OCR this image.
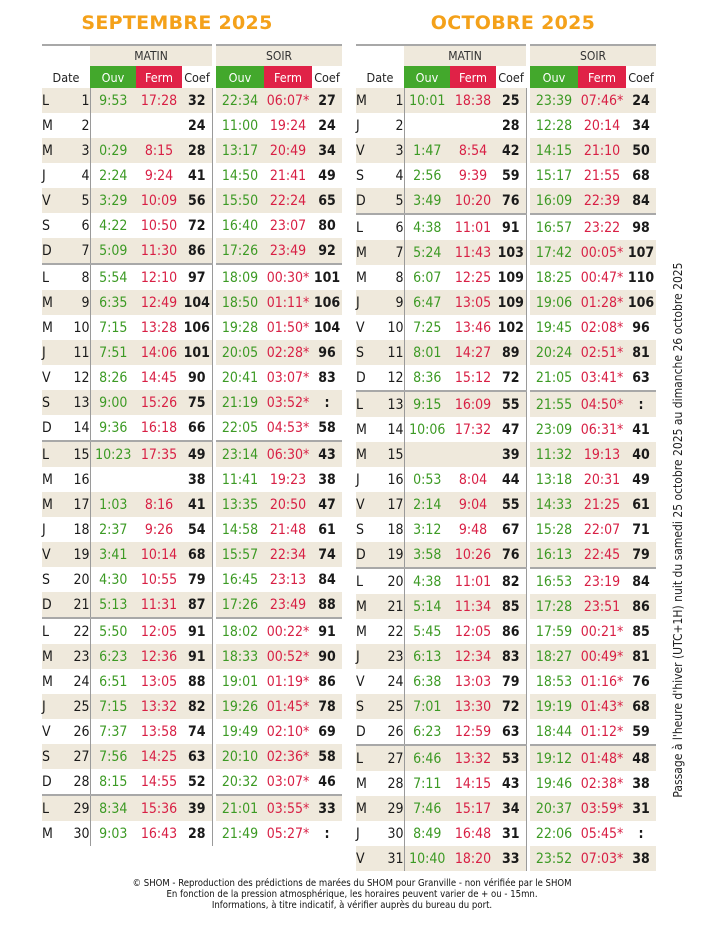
SEPTEMBRE 2025	OCTOBRE 2025
		MATIN				SOIR		
Date		Ouv	Ferm	Coef		Ouv	Ferm	Coef
L	1	9:53	17:28	32		22:34	06:07*	27
M	2			24		11:00	19:24	24
M	3	0:29	8:15	28		13:17	20:49	34
J	4	2:24	9:24	41		14:50	21:41	49
V	5	3:29	10:09	56		15:50	22:24	65
S	6	4:22	10:50	72		16:40	23:07	80
D	7	5:09	11:30	86		17:26	23:49	92
L	8	5:54	12:10	97		18:09	00:30*	101
M	9	6:35	12:49	104		18:50	01:11*	106
M	10	7:15	13:28	106		19:28	01:50*	104
J	11	7:51	14:06	101		20:05	02:28*	96
V	12	8:26	14:45	90		20:41	03:07*	83
S	13	9:00	15:26	75		21:19	03:52*	:
D	14	9:36	16:18	66		22:05	04:53*	58
L	15	10:23	17:35	49		23:14	06:30*	43
M	16			38		11:41	19:23	38
M	17	1:03	8:16	41		13:35	20:50	47
J	18	2:37	9:26	54		14:58	21:48	61
V	19	3:41	10:14	68		15:57	22:34	74
S	20	4:30	10:55	79		16:45	23:13	84
D	21	5:13	11:31	87		17:26	23:49	88
L	22	5:50	12:05	91		18:02	00:22*	91
M	23	6:23	12:36	91		18:33	00:52*	90
M	24	6:51	13:05	88		19:01	01:19*	86
J	25	7:15	13:32	82		19:26	01:45*	78
V	26	7:37	13:58	74		19:49	02:10*	69
S	27	7:56	14:25	63		20:10	02:36*	58
D	28	8:15	14:55	52		20:32	03:07*	46
L	29	8:34	15:36	39		21:01	03:55*	33
M	30	9:03	16:43	28		21:49	05:27*	:
		MATIN				SOIR		
Date		Ouv	Ferm	Coef		Ouv	Ferm	Coef
M	1	10:01	18:38	25		23:39	07:46*	24
J	2			28		12:28	20:14	34
V	3	1:47	8:54	42		14:15	21:10	50
S	4	2:56	9:39	59		15:17	21:55	68
D	5	3:49	10:20	76		16:09	22:39	84
L	6	4:38	11:01	91		16:57	23:22	98
M	7	5:24	11:43	103		17:42	00:05*	107
M	8	6:07	12:25	109		18:25	00:47*	110
J	9	6:47	13:05	109		19:06	01:28*	106
V	10	7:25	13:46	102		19:45	02:08*	96
S	11	8:01	14:27	89		20:24	02:51*	81
D	12	8:36	15:12	72		21:05	03:41*	63
L	13	9:15	16:09	55		21:55	04:50*	:
M	14	10:06	17:32	47		23:09	06:31*	41
M	15			39		11:32	19:13	40
J	16	0:53	8:04	44		13:18	20:31	49
V	17	2:14	9:04	55		14:33	21:25	61
S	18	3:12	9:48	67		15:28	22:07	71
D	19	3:58	10:26	76		16:13	22:45	79
L	20	4:38	11:01	82		16:53	23:19	84
M	21	5:14	11:34	85		17:28	23:51	86
M	22	5:45	12:05	86		17:59	00:21*	85
J	23	6:13	12:34	83		18:27	00:49*	81
V	24	6:38	13:03	79		18:53	01:16*	76
S	25	7:01	13:30	72		19:19	01:43*	68
D	26	6:23	12:59	63		18:44	01:12*	59
L	27	6:46	13:32	53		19:12	01:48*	48
M	28	7:11	14:15	43		19:46	02:38*	38
M	29	7:46	15:17	34		20:37	03:59*	31
J	30	8:49	16:48	31		22:06	05:45*	:
V	31	10:40	18:20	33		23:52	07:03*	38
Passage à l'heure d'hiver (UTC+1H) nuit du samedi 25 octobre 2025 au dimanche 26 octobre 2025
© SHOM - Reproduction des prédictions de marées du SHOM pour Granville - non vérifiée par le SHOM
En fonction de la pression atmosphérique, les horaires peuvent varier de + ou - 15mn.
Informations, à titre indicatif, à vérifier auprès du bureau du port.
